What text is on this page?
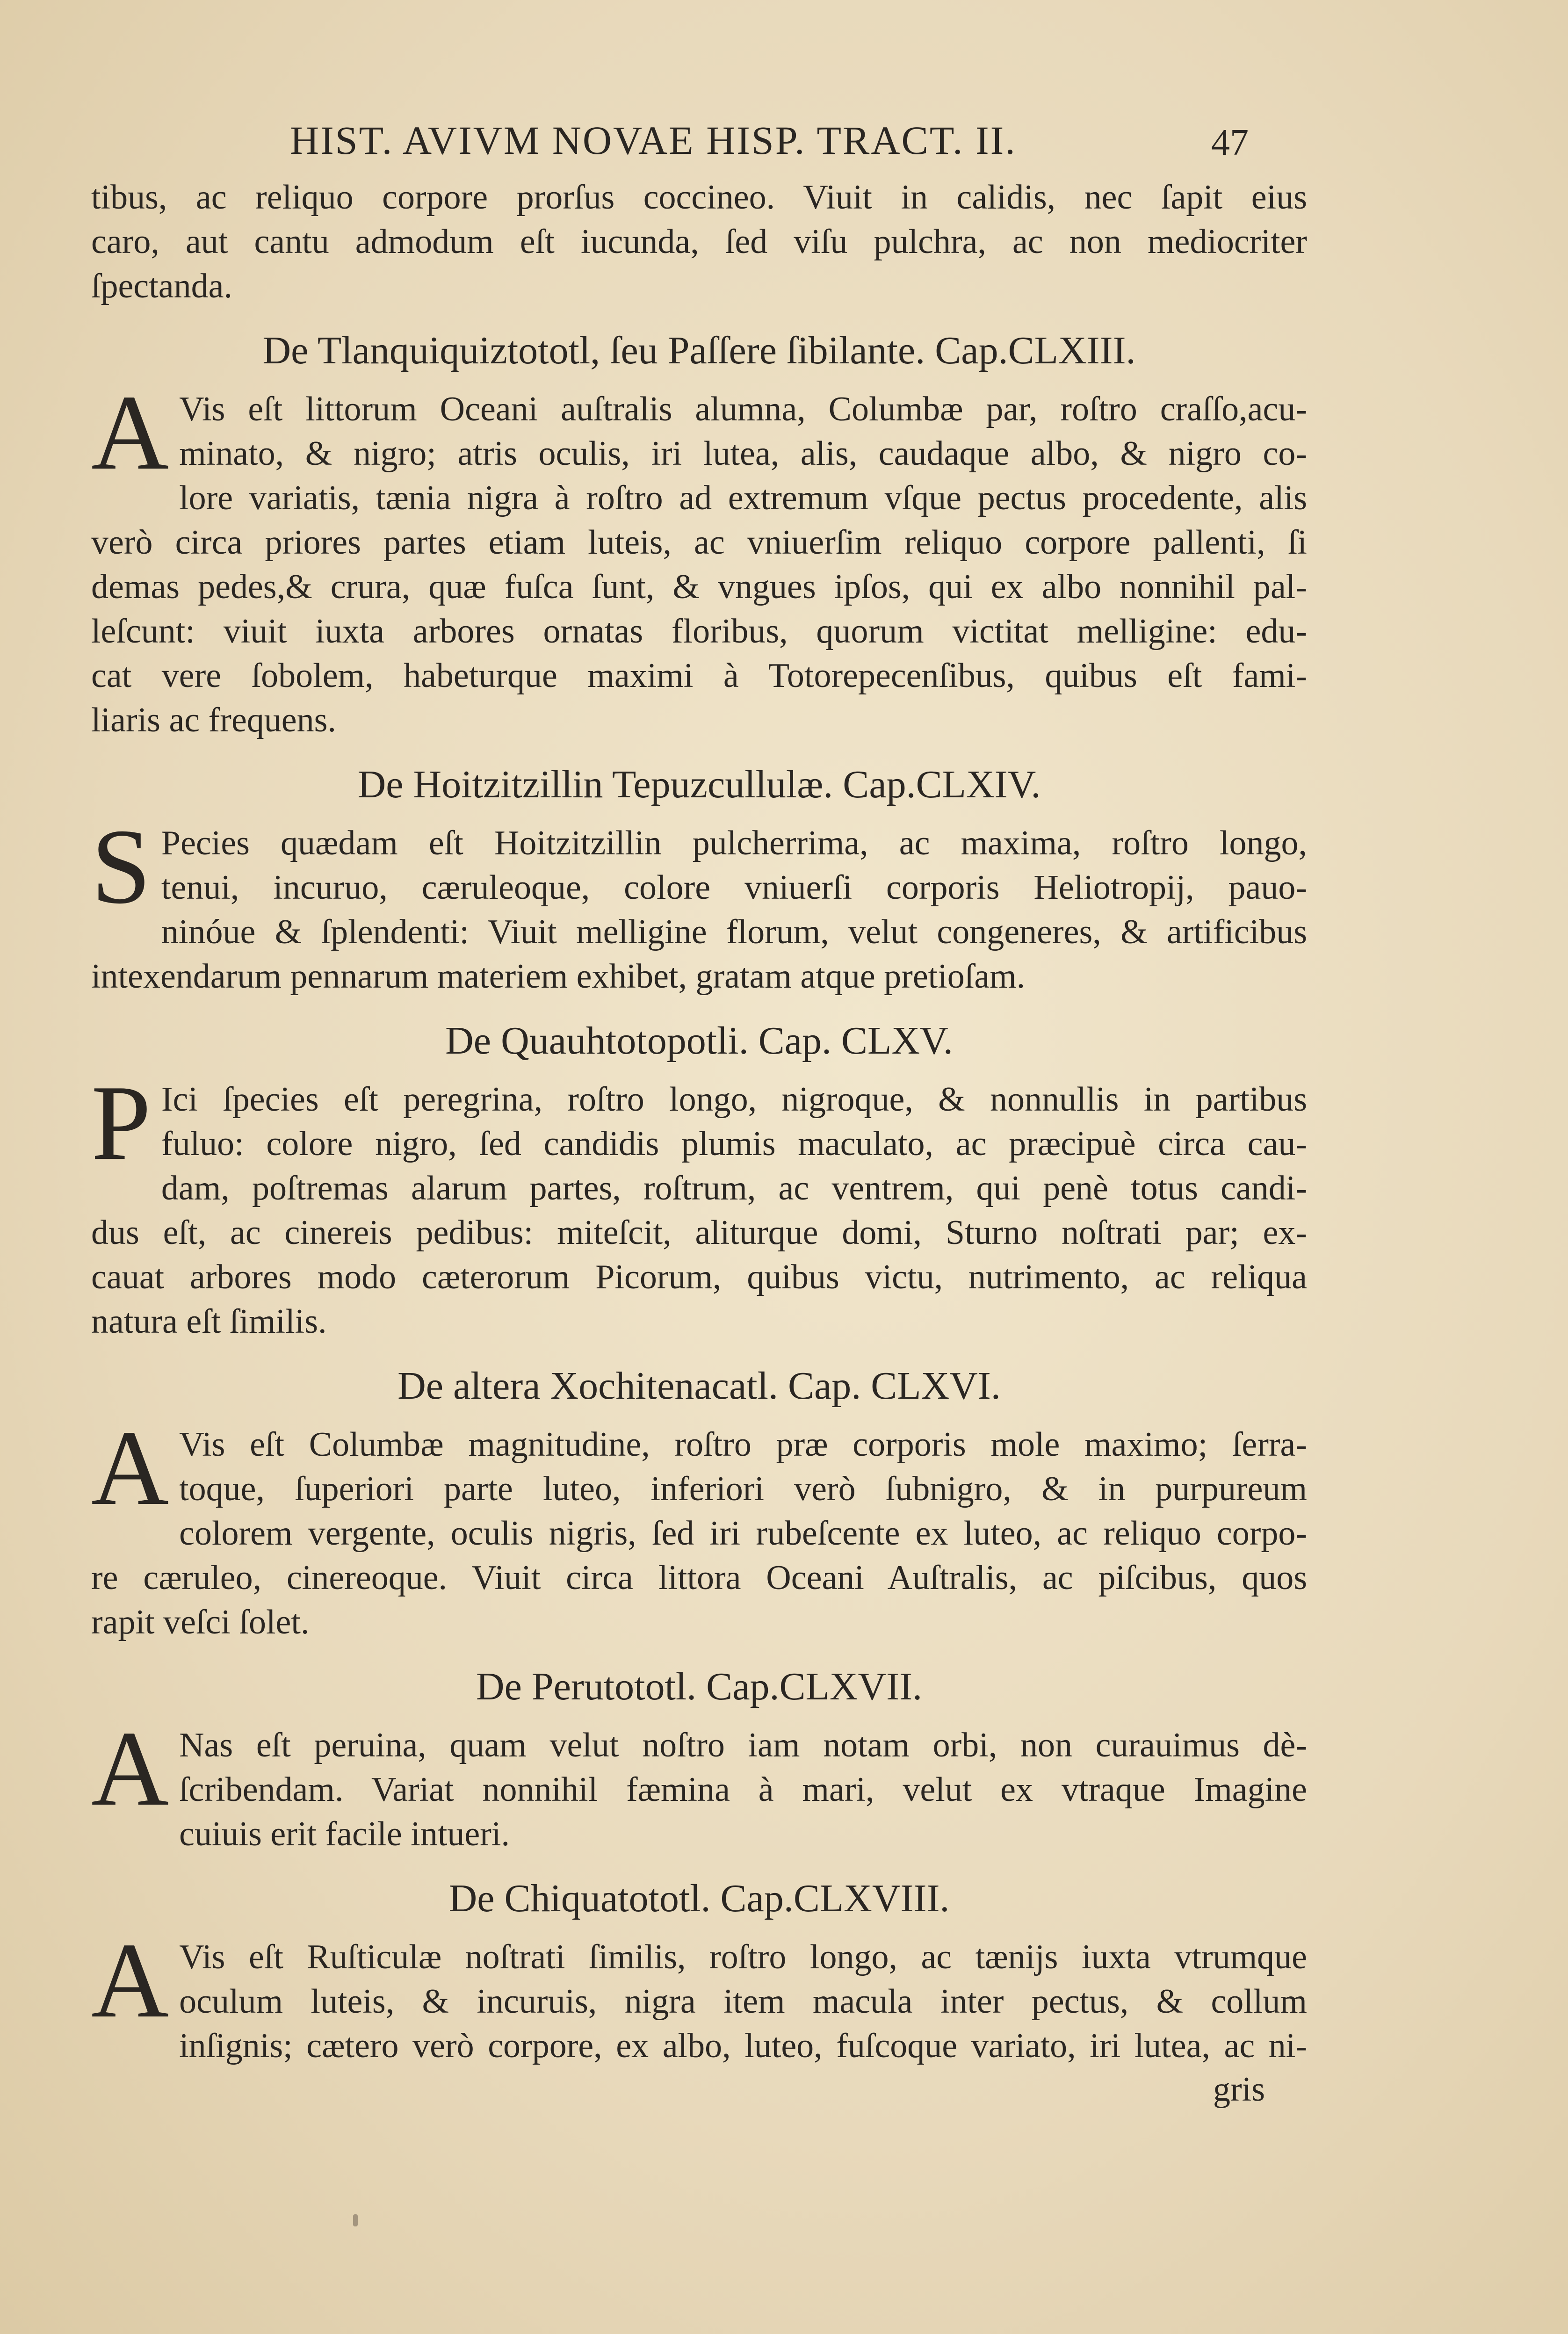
HIST. AVIVM NOVAE HISP. TRACT. II.	47
tibus, ac reliquo corpore prorſus coccineo. Viuit in calidis, nec ſapit eius
caro, aut cantu admodum eſt iucunda, ſed viſu pulchra, ac non mediocriter
ſpectanda.
De Tlanquiquiztototl, ſeu Paſſere ſibilante. Cap.CLXIII.
A Vis eſt littorum Oceani auſtralis alumna, Columbæ par, roſtro craſſo,acu-
minato, & nigro; atris oculis, iri lutea, alis, caudaque albo, & nigro co-
lore variatis, tænia nigra à roſtro ad extremum vſque pectus procedente, alis
verò circa priores partes etiam luteis, ac vniuerſim reliquo corpore pallenti, ſi
demas pedes,& crura, quæ fuſca ſunt, & vngues ipſos, qui ex albo nonnihil pal-
leſcunt: viuit iuxta arbores ornatas floribus, quorum victitat melligine: edu-
cat vere ſobolem, habeturque maximi à Totorepecenſibus, quibus eſt fami-
liaris ac frequens.
De Hoitzitzillin Tepuzcullulæ. Cap.CLXIV.
S Pecies quædam eſt Hoitzitzillin pulcherrima, ac maxima, roſtro longo,
tenui, incuruo, cæruleoque, colore vniuerſi corporis Heliotropij, pauo-
ninóue & ſplendenti: Viuit melligine florum, velut congeneres, & artificibus
intexendarum pennarum materiem exhibet, gratam atque pretioſam.
De Quauhtotopotli. Cap. CLXV.
P Ici ſpecies eſt peregrina, roſtro longo, nigroque, & nonnullis in partibus
fuluo: colore nigro, ſed candidis plumis maculato, ac præcipuè circa cau-
dam, poſtremas alarum partes, roſtrum, ac ventrem, qui penè totus candi-
dus eſt, ac cinereis pedibus: miteſcit, aliturque domi, Sturno noſtrati par; ex-
cauat arbores modo cæterorum Picorum, quibus victu, nutrimento, ac reliqua
natura eſt ſimilis.
De altera Xochitenacatl. Cap. CLXVI.
A Vis eſt Columbæ magnitudine, roſtro præ corporis mole maximo; ſerra-
toque, ſuperiori parte luteo, inferiori verò ſubnigro, & in purpureum
colorem vergente, oculis nigris, ſed iri rubeſcente ex luteo, ac reliquo corpo-
re cæruleo, cinereoque. Viuit circa littora Oceani Auſtralis, ac piſcibus, quos
rapit veſci ſolet.
De Perutototl. Cap.CLXVII.
A Nas eſt peruina, quam velut noſtro iam notam orbi, non curauimus dè-
ſcribendam. Variat nonnihil fæmina à mari, velut ex vtraque Imagine
cuiuis erit facile intueri.
De Chiquatototl. Cap.CLXVIII.
A Vis eſt Ruſticulæ noſtrati ſimilis, roſtro longo, ac tænijs iuxta vtrumque
oculum luteis, & incuruis, nigra item macula inter pectus, & collum
inſignis; cætero verò corpore, ex albo, luteo, fuſcoque variato, iri lutea, ac ni-
gris
